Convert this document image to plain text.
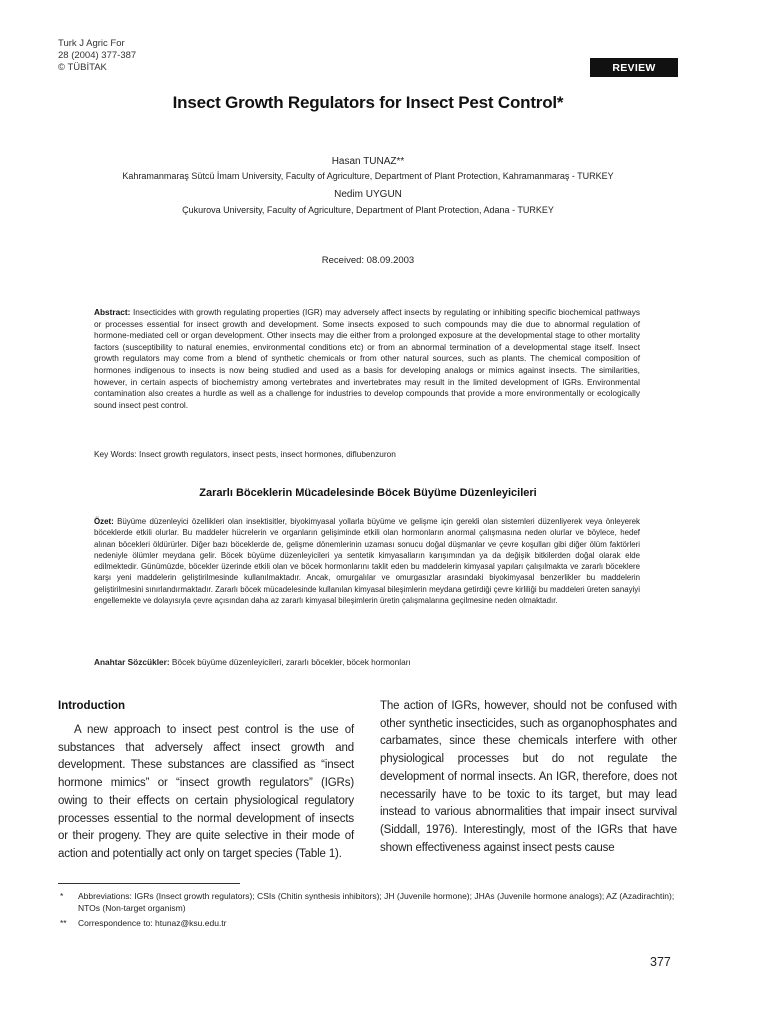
Turk J Agric For
28 (2004) 377-387
© TÜBİTAK	REVIEW
Insect Growth Regulators for Insect Pest Control*
Hasan TUNAZ**
Kahramanmaraş Sütcü İmam University, Faculty of Agriculture, Department of Plant Protection, Kahramanmaraş - TURKEY
Nedim UYGUN
Çukurova University, Faculty of Agriculture, Department of Plant Protection, Adana - TURKEY
Received: 08.09.2003
Abstract: Insecticides with growth regulating properties (IGR) may adversely affect insects by regulating or inhibiting specific biochemical pathways or processes essential for insect growth and development. Some insects exposed to such compounds may die due to abnormal regulation of hormone-mediated cell or organ development. Other insects may die either from a prolonged exposure at the developmental stage to other mortality factors (susceptibility to natural enemies, environmental conditions etc) or from an abnormal termination of a developmental stage itself. Insect growth regulators may come from a blend of synthetic chemicals or from other natural sources, such as plants. The chemical composition of hormones indigenous to insects is now being studied and used as a basis for developing analogs or mimics against insects. The similarities, however, in certain aspects of biochemistry among vertebrates and invertebrates may result in the limited development of IGRs. Environmental contamination also creates a hurdle as well as a challenge for industries to develop compounds that provide a more environmentally or ecologically sound insect pest control.
Key Words: Insect growth regulators, insect pests, insect hormones, diflubenzuron
Zararlı Böceklerin Mücadelesinde Böcek Büyüme Düzenleyicileri
Özet: Büyüme düzenleyici özellikleri olan insektisitler, biyokimyasal yollarla büyüme ve gelişme için gerekli olan sistemleri düzenliyerek veya önleyerek böceklerde etkili olurlar. Bu maddeler hücrelerin ve organların gelişiminde etkili olan hormonların anormal çalışmasına neden olurlar ve böylece, hedef alınan böcekleri öldürürler. Diğer bazı böceklerde de, gelişme dönemlerinin uzaması sonucu doğal düşmanlar ve çevre koşulları gibi diğer ölüm faktörleri nedeniyle ölümler meydana gelir. Böcek büyüme düzenleyicileri ya sentetik kimyasalların karışımından ya da değişik bitkilerden doğal olarak elde edilmektedir. Günümüzde, böcekler üzerinde etkili olan ve böcek hormonlarını taklit eden bu maddelerin kimyasal yapıları çalışılmakta ve zararlı böceklere karşı yeni maddelerin geliştirilmesinde kullanılmaktadır. Ancak, omurgalılar ve omurgasızlar arasındaki biyokimyasal benzerlikler bu maddelerin geliştirilmesini sınırlandırmaktadır. Zararlı böcek mücadelesinde kullanılan kimyasal bileşimlerin meydana getirdiği çevre kirliliği bu maddeleri üreten sanayiyi engellemekte ve dolayısıyla çevre açısından daha az zararlı kimyasal bileşimlerin üretin çalışmalarına geçilmesine neden olmaktadır.
Anahtar Sözcükler: Böcek büyüme düzenleyicileri, zararlı böcekler, böcek hormonları
Introduction
A new approach to insect pest control is the use of substances that adversely affect insect growth and development. These substances are classified as “insect hormone mimics” or “insect growth regulators” (IGRs) owing to their effects on certain physiological regulatory processes essential to the normal development of insects or their progeny. They are quite selective in their mode of action and potentially act only on target species (Table 1).
The action of IGRs, however, should not be confused with other synthetic insecticides, such as organophosphates and carbamates, since these chemicals interfere with other physiological processes but do not regulate the development of normal insects. An IGR, therefore, does not necessarily have to be toxic to its target, but may lead instead to various abnormalities that impair insect survival (Siddall, 1976). Interestingly, most of the IGRs that have shown effectiveness against insect pests cause
*	Abbreviations: IGRs (Insect growth regulators); CSIs (Chitin synthesis inhibitors); JH (Juvenile hormone); JHAs (Juvenile hormone analogs); AZ (Azadirachtin); NTOs (Non-target organism)
**	Correspondence to: htunaz@ksu.edu.tr
377
